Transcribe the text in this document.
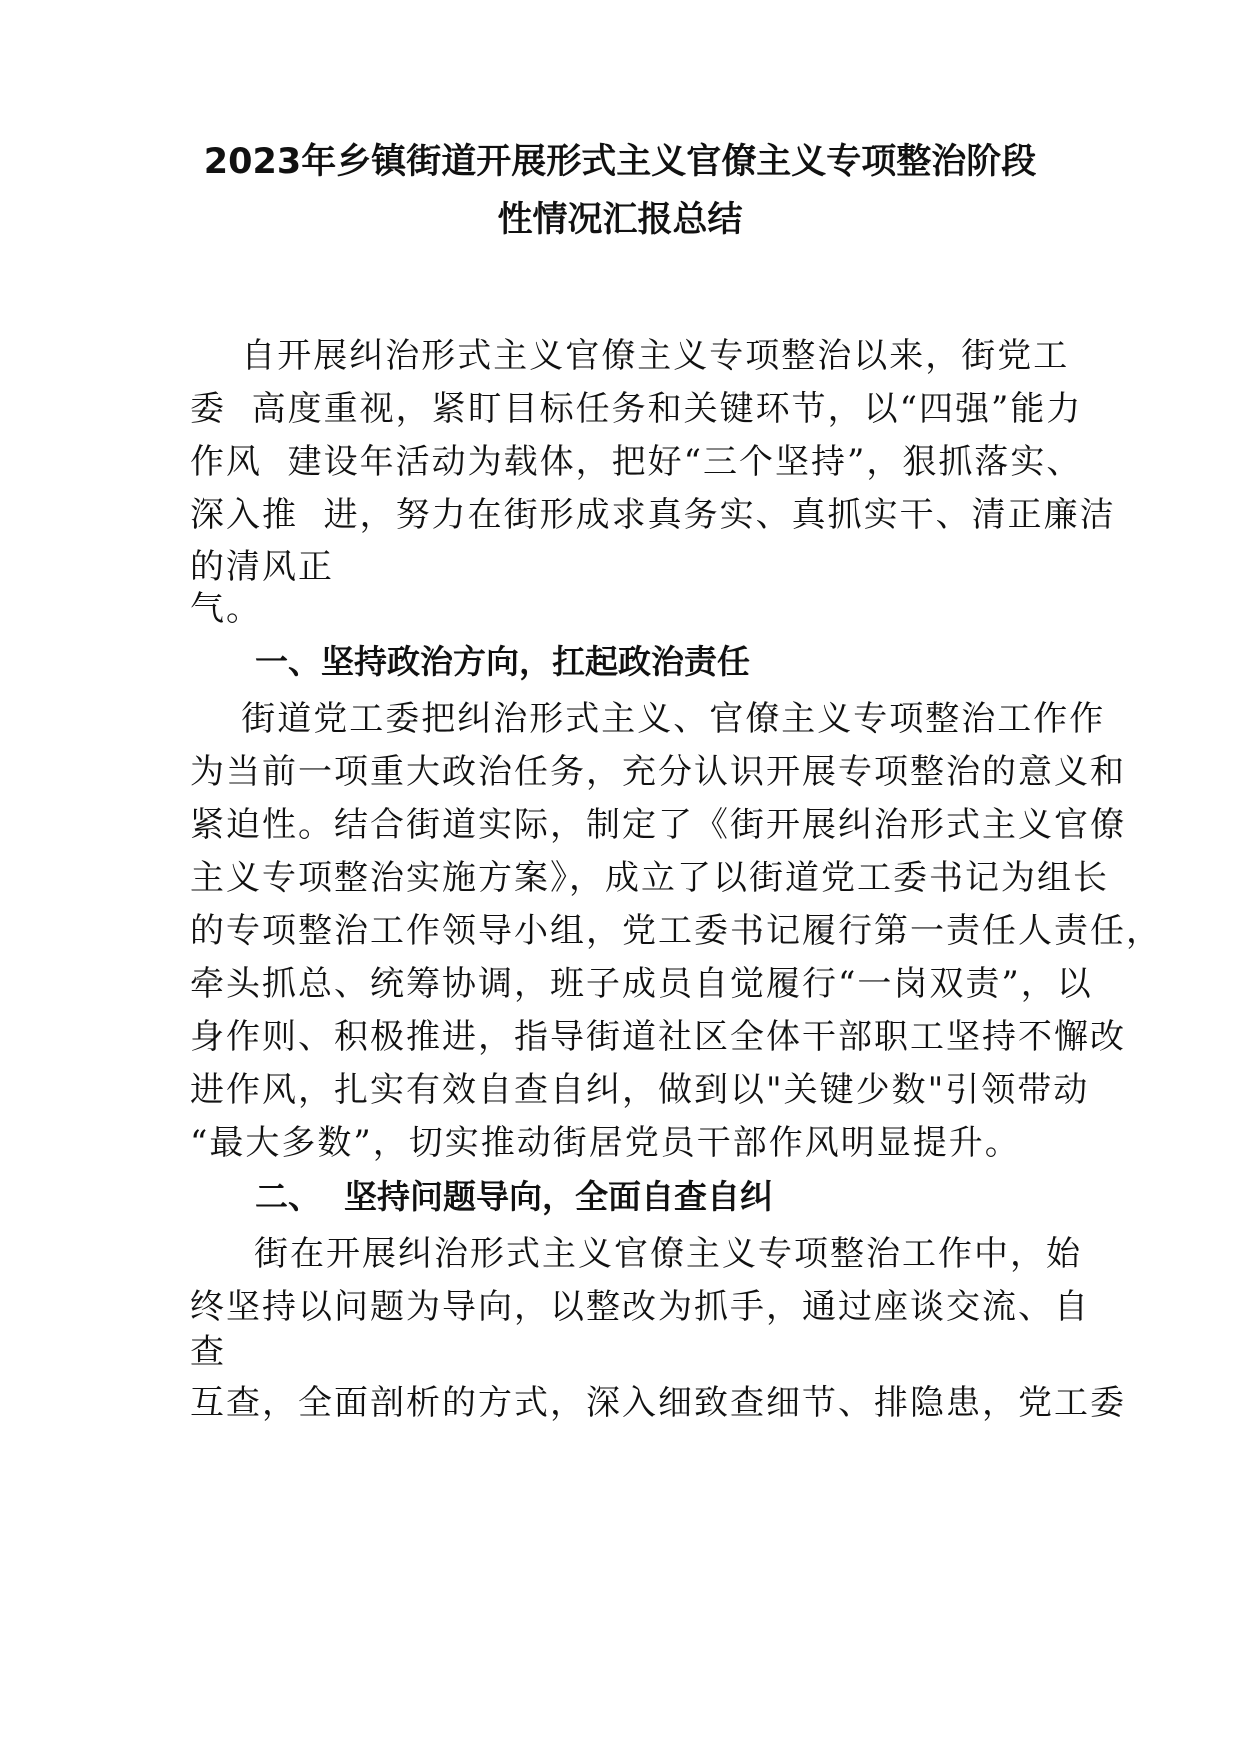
2023年乡镇街道开展形式主义官僚主义专项整治阶段
性情况汇报总结
自开展纠治形式主义官僚主义专项整治以来，街党工
委  高度重视，紧盯目标任务和关键环节，以“四强”能力
作风  建设年活动为载体，把好“三个坚持”，狠抓落实、
深入推  进，努力在街形成求真务实、真抓实干、清正廉洁
的清风正
气。
一、坚持政治方向，扛起政治责任
街道党工委把纠治形式主义、官僚主义专项整治工作作
为当前一项重大政治任务，充分认识开展专项整治的意义和
紧迫性。结合街道实际，制定了《街开展纠治形式主义官僚
主义专项整治实施方案》，成立了以街道党工委书记为组长
的专项整治工作领导小组，党工委书记履行第一责任人责任，
牵头抓总、统筹协调，班子成员自觉履行“一岗双责”，以
身作则、积极推进，指导街道社区全体干部职工坚持不懈改
进作风，扎实有效自查自纠，做到以"关键少数"引领带动
“最大多数”，切实推动街居党员干部作风明显提升。
二、  坚持问题导向，全面自查自纠
街在开展纠治形式主义官僚主义专项整治工作中，始
终坚持以问题为导向，以整改为抓手，通过座谈交流、自
查
互查，全面剖析的方式，深入细致查细节、排隐患，党工委
